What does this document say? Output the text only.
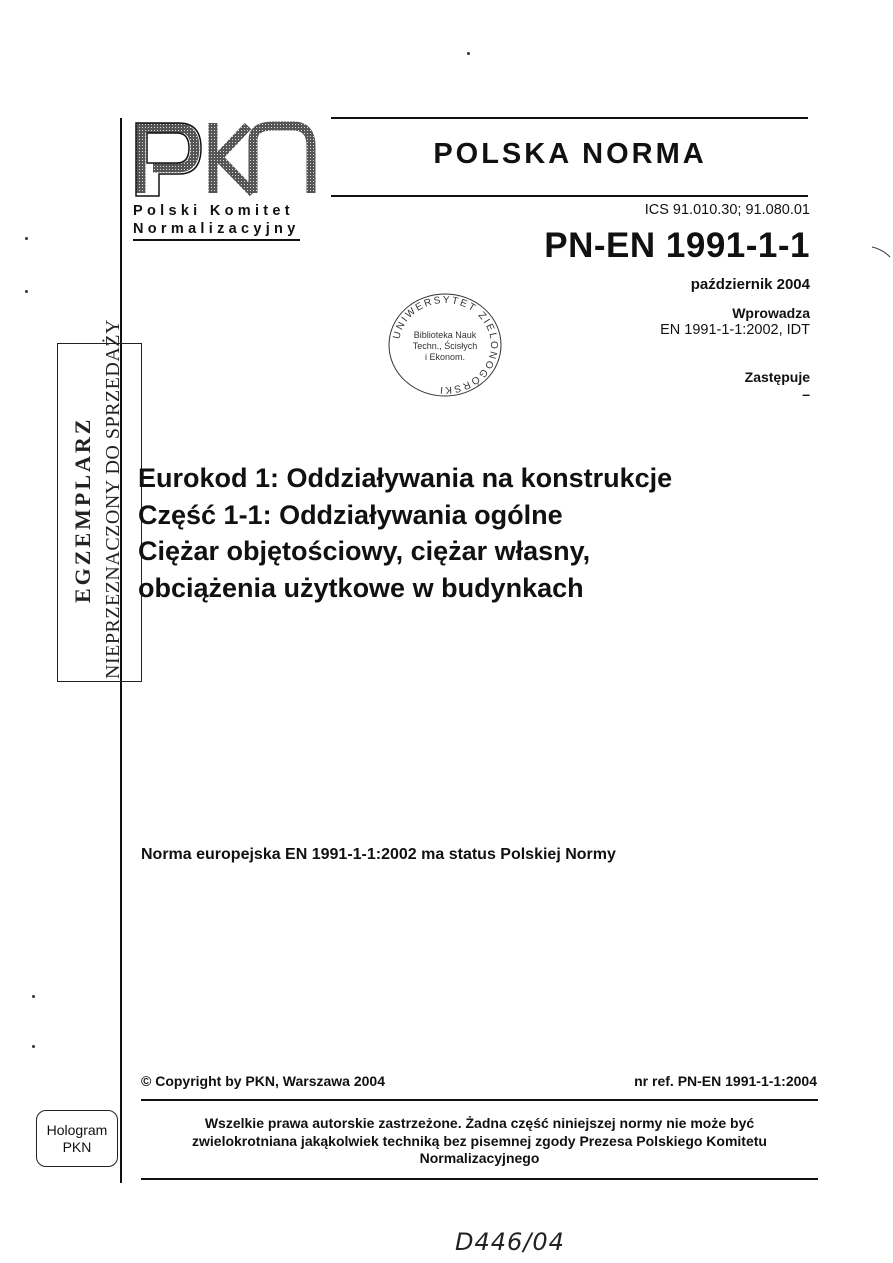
Polski Komitet
Normalizacyjny
POLSKA NORMA
ICS 91.010.30; 91.080.01
PN-EN 1991-1-1
październik 2004
Wprowadza
EN 1991-1-1:2002, IDT
Zastępuje
–
UNIWERSYTET ZIELONOGÓRSKI
Biblioteka Nauk
Techn., Ścisłych
i Ekonom.
EGZEMPLARZ NIEPRZEZNACZONY DO SPRZEDAŻY Eurokod 1: Oddziaływania na konstrukcje
Część 1-1: Oddziaływania ogólne
Ciężar objętościowy, ciężar własny,
obciążenia użytkowe w budynkach
Norma europejska EN 1991-1-1:2002 ma status Polskiej Normy
© Copyright by PKN, Warszawa 2004	nr ref. PN-EN 1991-1-1:2004
Wszelkie prawa autorskie zastrzeżone. Żadna część niniejszej normy nie może być
zwielokrotniana jakąkolwiek techniką bez pisemnej zgody Prezesa Polskiego Komitetu
Normalizacyjnego
Hologram
PKN
D446/04
